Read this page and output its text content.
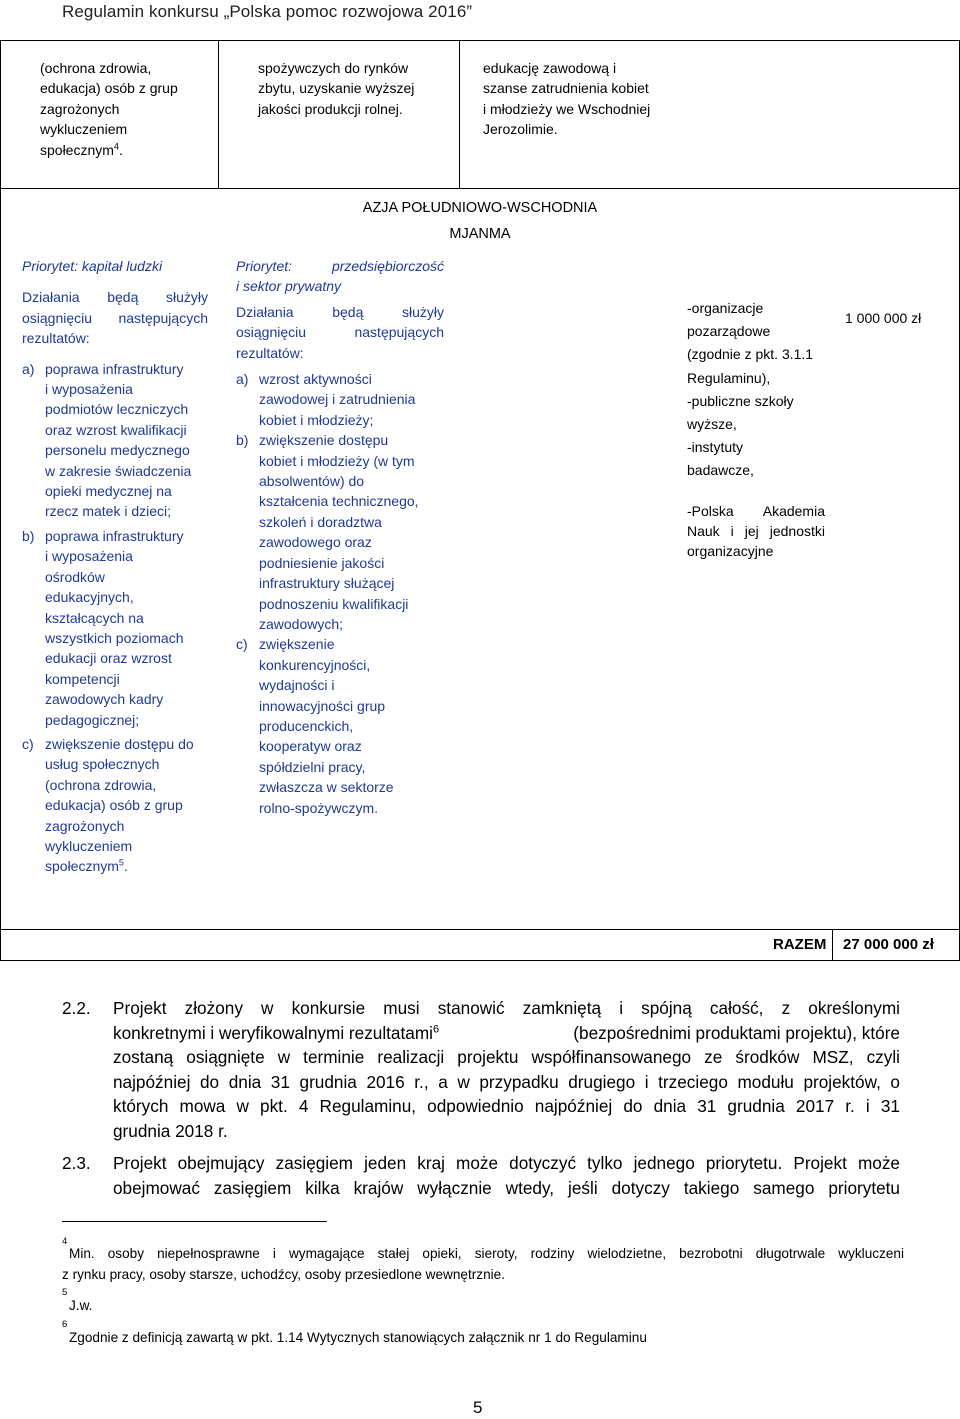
Regulamin konkursu „Polska pomoc rozwojowa 2016”
(ochrona zdrowia,
edukacja) osób z grup
zagrożonych
wykluczeniem
społecznym$^4$.
spożywczych do rynków
zbytu, uzyskanie wyższej
jakości produkcji rolnej.
edukację zawodową i
szanse zatrudnienia kobiet
i młodzieży we Wschodniej
Jerozolimie.
AZJA POŁUDNIOWO-WSCHODNIA
MJANMA
Priorytet: kapitał ludzki
Działania będą służyły
osiągnięciu następujących
rezultatów:
a) poprawa infrastruktury
i wyposażenia
podmiotów leczniczych
oraz wzrost kwalifikacji
personelu medycznego
w zakresie świadczenia
opieki medycznej na
rzecz matek i dzieci;
b) poprawa infrastruktury
i wyposażenia
ośrodków
edukacyjnych,
kształcących na
wszystkich poziomach
edukacji oraz wzrost
kompetencji
zawodowych kadry
pedagogicznej;
c) zwiększenie dostępu do
usług społecznych
(ochrona zdrowia,
edukacja) osób z grup
zagrożonych
wykluczeniem
społecznym$^5$.
Priorytet: przedsiębiorczość
i sektor prywatny
Działania będą służyły
osiągnięciu następujących
rezultatów:
a) wzrost aktywności
zawodowej i zatrudnienia
kobiet i młodzieży;
b) zwiększenie dostępu
kobiet i młodzieży (w tym
absolwentów) do
kształcenia technicznego,
szkoleń i doradztwa
zawodowego oraz
podniesienie jakości
infrastruktury służącej
podnoszeniu kwalifikacji
zawodowych;
c) zwiększenie
konkurencyjności,
wydajności i
innowacyjności grup
producenckich,
kooperatyw oraz
spółdzielni pracy,
zwłaszcza w sektorze
rolno-spożywczym.
-organizacje
pozarządowe
(zgodnie z pkt. 3.1.1
Regulaminu),
-publiczne szkoły
wyższe,
-instytuty
badawcze,
-Polska Akademia
Nauk i jej jednostki
organizacyjne
1 000 000 zł
RAZEM 27 000 000 zł
2.2. Projekt złożony w konkursie musi stanowić zamkniętą i spójną całość, z określonymi
konkretnymi i weryfikowalnymi rezultatami$^6$	(bezpośrednimi produktami projektu), które
zostaną osiągnięte w terminie realizacji projektu współfinansowanego ze środków MSZ, czyli
najpóźniej do dnia 31 grudnia 2016 r., a w przypadku drugiego i trzeciego modułu projektów, o
których mowa w pkt. 4 Regulaminu, odpowiednio najpóźniej do dnia 31 grudnia 2017 r. i 31
grudnia 2018 r.
2.3. Projekt obejmujący zasięgiem jeden kraj może dotyczyć tylko jednego priorytetu. Projekt może
obejmować zasięgiem kilka krajów wyłącznie wtedy, jeśli dotyczy takiego samego priorytetu
4
Min. osoby niepełnosprawne i wymagające stałej opieki, sieroty, rodziny wielodzietne, bezrobotni długotrwale wykluczeni
z rynku pracy, osoby starsze, uchodźcy, osoby przesiedlone wewnętrznie.
5
J.w.
6
Zgodnie z definicją zawartą w pkt. 1.14 Wytycznych stanowiących załącznik nr 1 do Regulaminu
5
